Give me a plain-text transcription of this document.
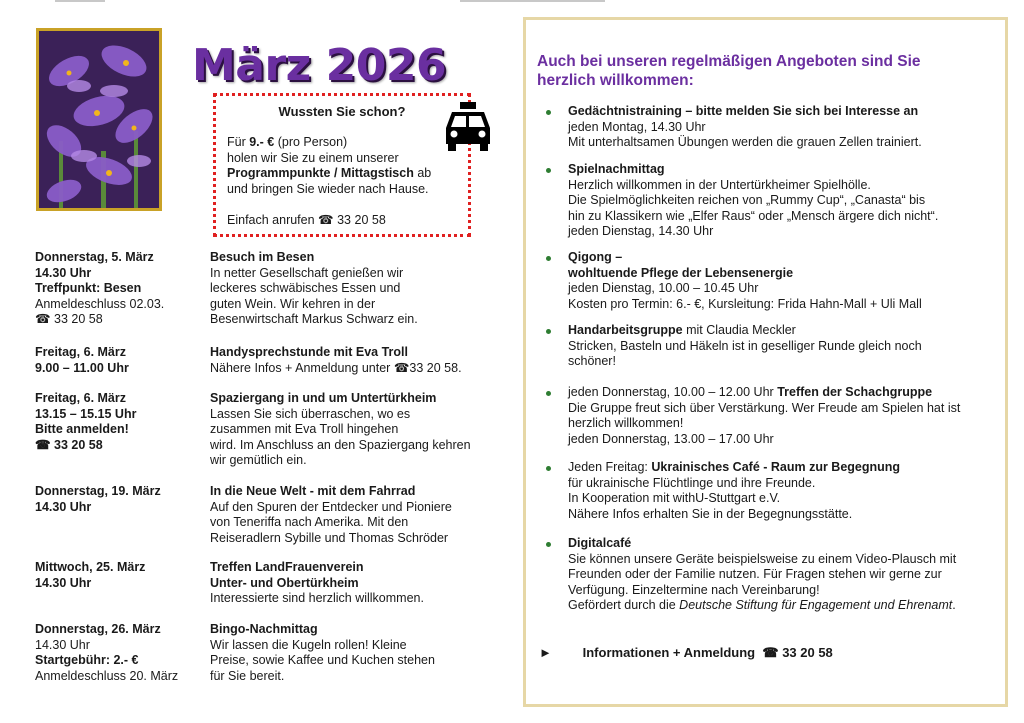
März 2026
Wussten Sie schon?

Für 9.- € (pro Person)

holen wir Sie zu einem unserer

Programmpunkte / Mittagstisch ab

und bringen Sie wieder nach Hause.

Einfach anrufen ☎ 33 20 58
Donnerstag, 5. März
14.30 Uhr
Treffpunkt: Besen
Anmeldeschluss 02.03.
☎ 33 20 58
Besuch im Besen
In netter Gesellschaft genießen wir
leckeres schwäbisches Essen und
guten Wein. Wir kehren in der
Besenwirtschaft Markus Schwarz ein.
Freitag, 6. März
9.00 – 11.00 Uhr
Handysprechstunde mit Eva Troll
Nähere Infos + Anmeldung unter ☎33 20 58.
Freitag, 6. März
13.15 – 15.15 Uhr
Bitte anmelden!
☎ 33 20 58
Spaziergang in und um Untertürkheim
Lassen Sie sich überraschen, wo es
zusammen mit Eva Troll hingehen
wird. Im Anschluss an den Spaziergang kehren
wir gemütlich ein.
Donnerstag, 19. März
14.30 Uhr
In die Neue Welt - mit dem Fahrrad
Auf den Spuren der Entdecker und Pioniere
von Teneriffa nach Amerika. Mit den
Reiseradlern Sybille und Thomas Schröder
Mittwoch, 25. März
14.30 Uhr
Treffen LandFrauenverein
Unter- und Obertürkheim
Interessierte sind herzlich willkommen.
Donnerstag, 26. März
14.30 Uhr
Startgebühr: 2.- €
Anmeldeschluss 20. März
Bingo-Nachmittag
Wir lassen die Kugeln rollen! Kleine
Preise, sowie Kaffee und Kuchen stehen
für Sie bereit.
Auch bei unseren regelmäßigen Angeboten sind Sie herzlich willkommen:
Gedächtnistraining – bitte melden Sie sich bei Interesse an
jeden Montag, 14.30 Uhr
Mit unterhaltsamen Übungen werden die grauen Zellen trainiert.
Spielnachmittag
Herzlich willkommen in der Untertürkheimer Spielhölle.
Die Spielmöglichkeiten reichen von „Rummy Cup“, „Canasta“ bis
hin zu Klassikern wie „Elfer Raus“ oder „Mensch ärgere dich nicht“.
jeden Dienstag, 14.30 Uhr
Qigong –
wohltuende Pflege der Lebensenergie
jeden Dienstag, 10.00 – 10.45 Uhr
Kosten pro Termin: 6.- €, Kursleitung: Frida Hahn-Mall + Uli Mall
Handarbeitsgruppe mit Claudia Meckler
Stricken, Basteln und Häkeln ist in geselliger Runde gleich noch
schöner!
jeden Donnerstag, 10.00 – 12.00 Uhr Treffen der Schachgruppe
Die Gruppe freut sich über Verstärkung. Wer Freude am Spielen hat ist
herzlich willkommen!
jeden Donnerstag, 13.00 – 17.00 Uhr
Jeden Freitag: Ukrainisches Café - Raum zur Begegnung
für ukrainische Flüchtlinge und ihre Freunde.
In Kooperation mit withU-Stuttgart e.V.
Nähere Infos erhalten Sie in der Begegnungsstätte.
Digitalcafé
Sie können unsere Geräte beispielsweise zu einem Video-Plausch mit
Freunden oder der Familie nutzen. Für Fragen stehen wir gerne zur
Verfügung. Einzeltermine nach Vereinbarung!
Gefördert durch die Deutsche Stiftung für Engagement und Ehrenamt.
► Informationen + Anmeldung ☎ 33 20 58
